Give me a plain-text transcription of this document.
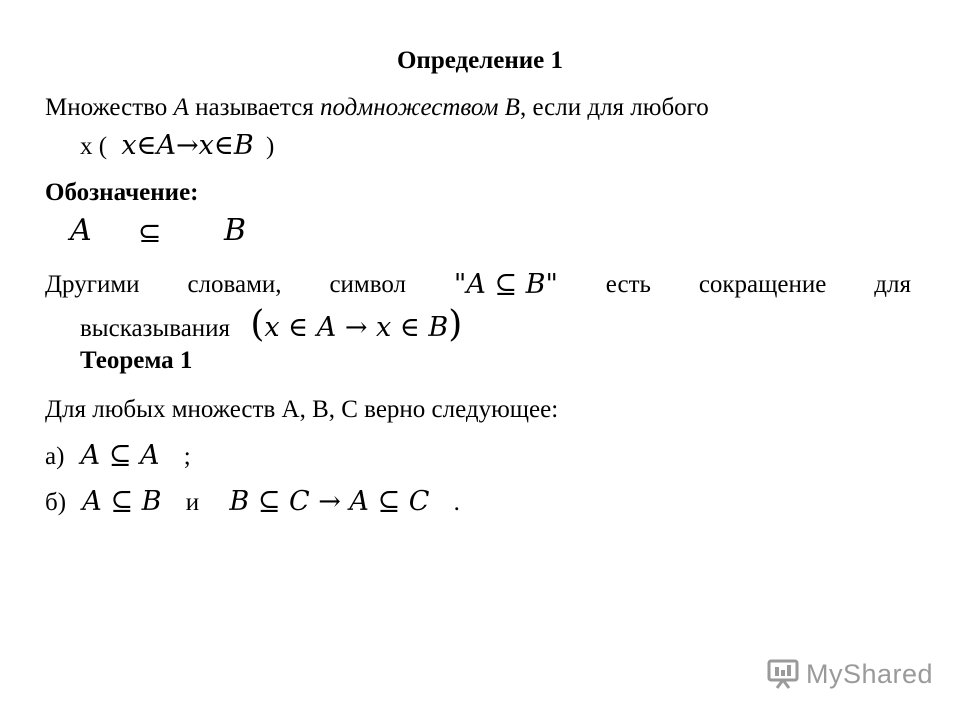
Определение 1
Множество A называется подмножеством B, если для любого
x ( x∈A→x∈B )
Обозначение:
A ⊆ B
Другими словами, символ "A ⊆ B" есть сокращение для
высказывания (x ∈ A → x ∈ B)
Теорема 1
Для любых множеств A, B, C верно следующее:
а) A ⊆ A ;
б) A ⊆ B и B ⊆ C → A ⊆ C .
MyShared
